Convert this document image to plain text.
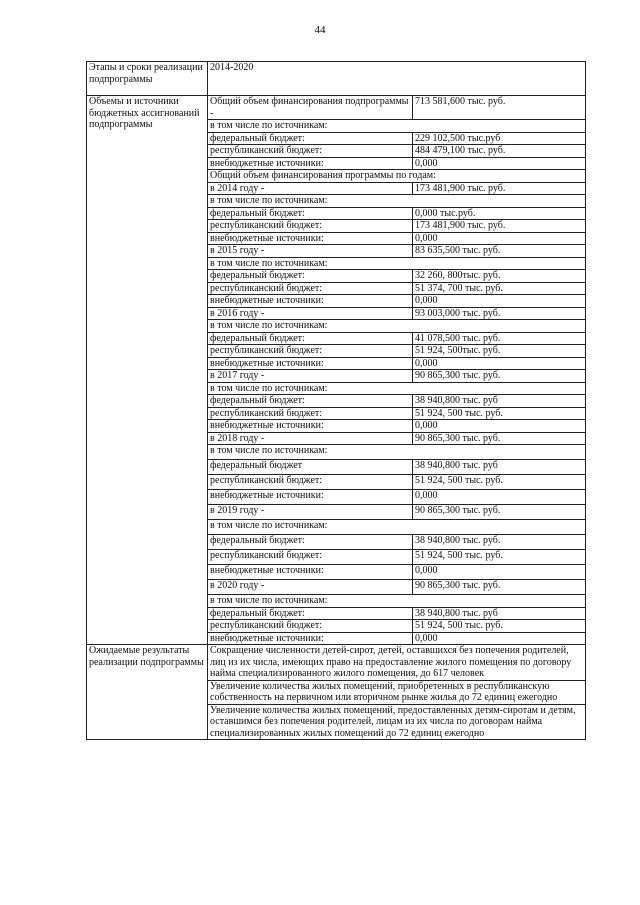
44
Этапы и сроки реализации подпрограммы	2014-2020	
Объемы и источники бюджетных ассигнований подпрограммы	Общий объем финансирования подпрограммы -	713 581,600 тыс. руб.
	в том числе по источникам:	
	федеральный бюджет:	229 102,500 тыс.руб
	республиканский бюджет:	484 479,100 тыс. руб.
	внебюджетные источники:	0,000
	Общий объем финансирования программы по годам:	
	в 2014 году -	173 481,900 тыс. руб.
	в том числе по источникам:	
	федеральный бюджет:	0,000 тыс.руб.
	республиканский бюджет:	173 481,900 тыс. руб.
	внебюджетные источники:	0,000
	в 2015 году -	83 635,500 тыс. руб.
	в том числе по источникам:	
	федеральный бюджет:	32 260, 800тыс. руб.
	республиканский бюджет:	51 374, 700 тыс. руб.
	внебюджетные источники:	0,000
	в 2016 году -	93 003,000 тыс. руб.
	в том числе по источникам:	
	федеральный бюджет:	41 078,500 тыс. руб.
	республиканский бюджет:	51 924, 500тыс. руб.
	внебюджетные источники:	0,000
	в 2017 году -	90 865,300 тыс. руб.
	в том числе по источникам:	
	федеральный бюджет:	38 940,800 тыс. руб
	республиканский бюджет:	51 924, 500 тыс. руб.
	внебюджетные источники:	0,000
	в 2018 году -	90 865,300 тыс. руб.
	в том числе по источникам:	
	федеральный бюджет	38 940,800 тыс. руб
	республиканский бюджет:	51 924, 500 тыс. руб.
	внебюджетные источники:	0,000
	в 2019 году -	90 865,300 тыс. руб.
	в том числе по источникам:	
	федеральный бюджет:	38 940,800 тыс. руб.
	республиканский бюджет:	51 924, 500 тыс. руб.
	внебюджетные источники:	0,000
	в 2020 году -	90 865,300 тыс. руб.
	в том числе по источникам:	
	федеральный бюджет:	38 940,800 тыс. руб
	республиканский бюджет:	51 924, 500 тыс. руб.
	внебюджетные источники:	0,000
Ожидаемые результаты реализации подпрограммы	Сокращение численности детей-сирот, детей, оставшихся без попечения родителей, лиц из их числа, имеющих право на предоставление жилого помещения по договору найма специализированного жилого помещения, до 617 человек	
	Увеличение количества жилых помещений, приобретенных в республиканскую собственность на первичном или вторичном рынке жилья до 72 единиц ежегодно	
	Увеличение количества жилых помещений, предоставленных детям-сиротам и детям, оставшимся без попечения родителей, лицам из их числа по договорам найма специализированных жилых помещений до 72 единиц ежегодно	
